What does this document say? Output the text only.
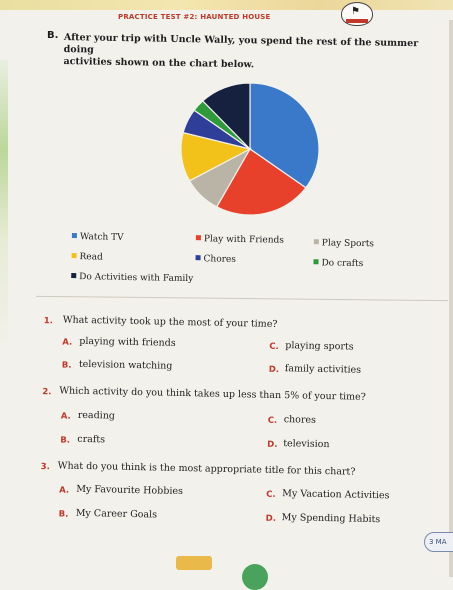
PRACTICE TEST #2: HAUNTED HOUSE	⚑
B. After your trip with Uncle Wally, you spend the rest of the summer doing
activities shown on the chart below.
Watch TV	Play with Friends	Play Sports
Read	Chores	Do crafts
Do Activities with Family
1. What activity took up the most of your time?
A. playing with friends
B. television watching
C. playing sports
D. family activities
2. Which activity do you think takes up less than 5% of your time?
A. reading
B. crafts
C. chores
D. television
3. What do you think is the most appropriate title for this chart?
A. My Favourite Hobbies
B. My Career Goals
C. My Vacation Activities
D. My Spending Habits
3 MA
